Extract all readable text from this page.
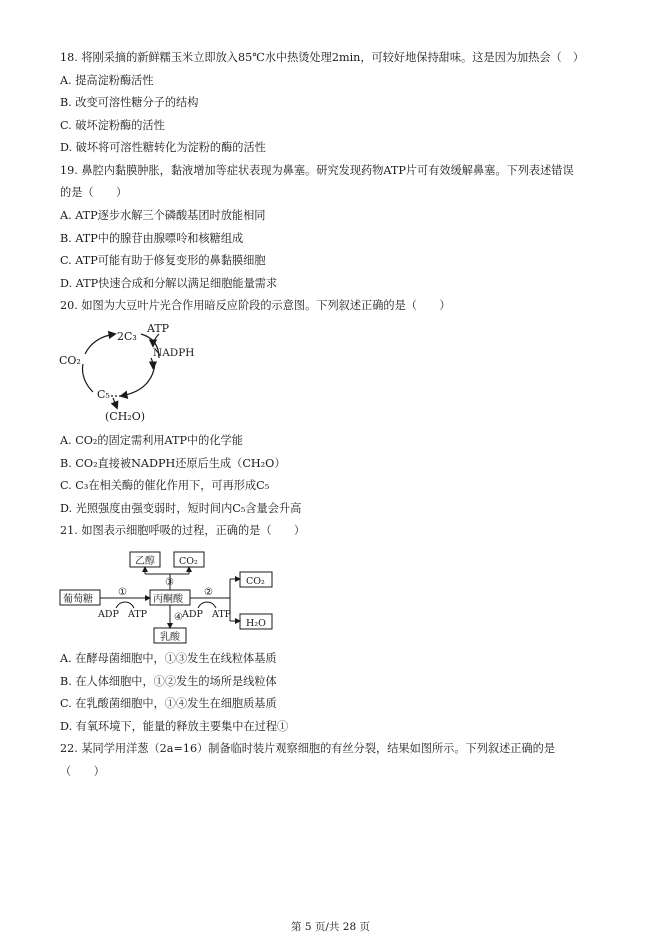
18. 将刚采摘的新鲜糯玉米立即放入85℃水中热烫处理2min，可较好地保持甜味。这是因为加热会（　）
A. 提高淀粉酶活性
B. 改变可溶性糖分子的结构
C. 破坏淀粉酶的活性
D. 破坏将可溶性糖转化为淀粉的酶的活性
19. 鼻腔内黏膜肿胀，黏液增加等症状表现为鼻塞。研究发现药物ATP片可有效缓解鼻塞。下列表述错误
的是（　　）
A. ATP逐步水解三个磷酸基团时放能相同
B. ATP中的腺苷由腺嘌呤和核糖组成
C. ATP可能有助于修复变形的鼻黏膜细胞
D. ATP快速合成和分解以满足细胞能量需求
20. 如图为大豆叶片光合作用暗反应阶段的示意图。下列叙述正确的是（　　）
ATP
2C₃
NADPH
CO₂
C₅
(CH₂O)
A. CO₂的固定需利用ATP中的化学能
B. CO₂直接被NADPH还原后生成（CH₂O）
C. C₃在相关酶的催化作用下，可再形成C₅
D. 光照强度由强变弱时，短时间内C₅含量会升高
21. 如图表示细胞呼吸的过程，正确的是（　　）
葡萄糖	丙酮酸
乙醇	CO₂
乳酸
CO₂
H₂O
①	②
③
④
ADP ATP	ADP ATP
A. 在酵母菌细胞中，①③发生在线粒体基质
B. 在人体细胞中，①②发生的场所是线粒体
C. 在乳酸菌细胞中，①④发生在细胞质基质
D. 有氧环境下，能量的释放主要集中在过程①
22. 某同学用洋葱（2a=16）制备临时装片观察细胞的有丝分裂，结果如图所示。下列叙述正确的是
（　　）
第 5 页/共 28 页
